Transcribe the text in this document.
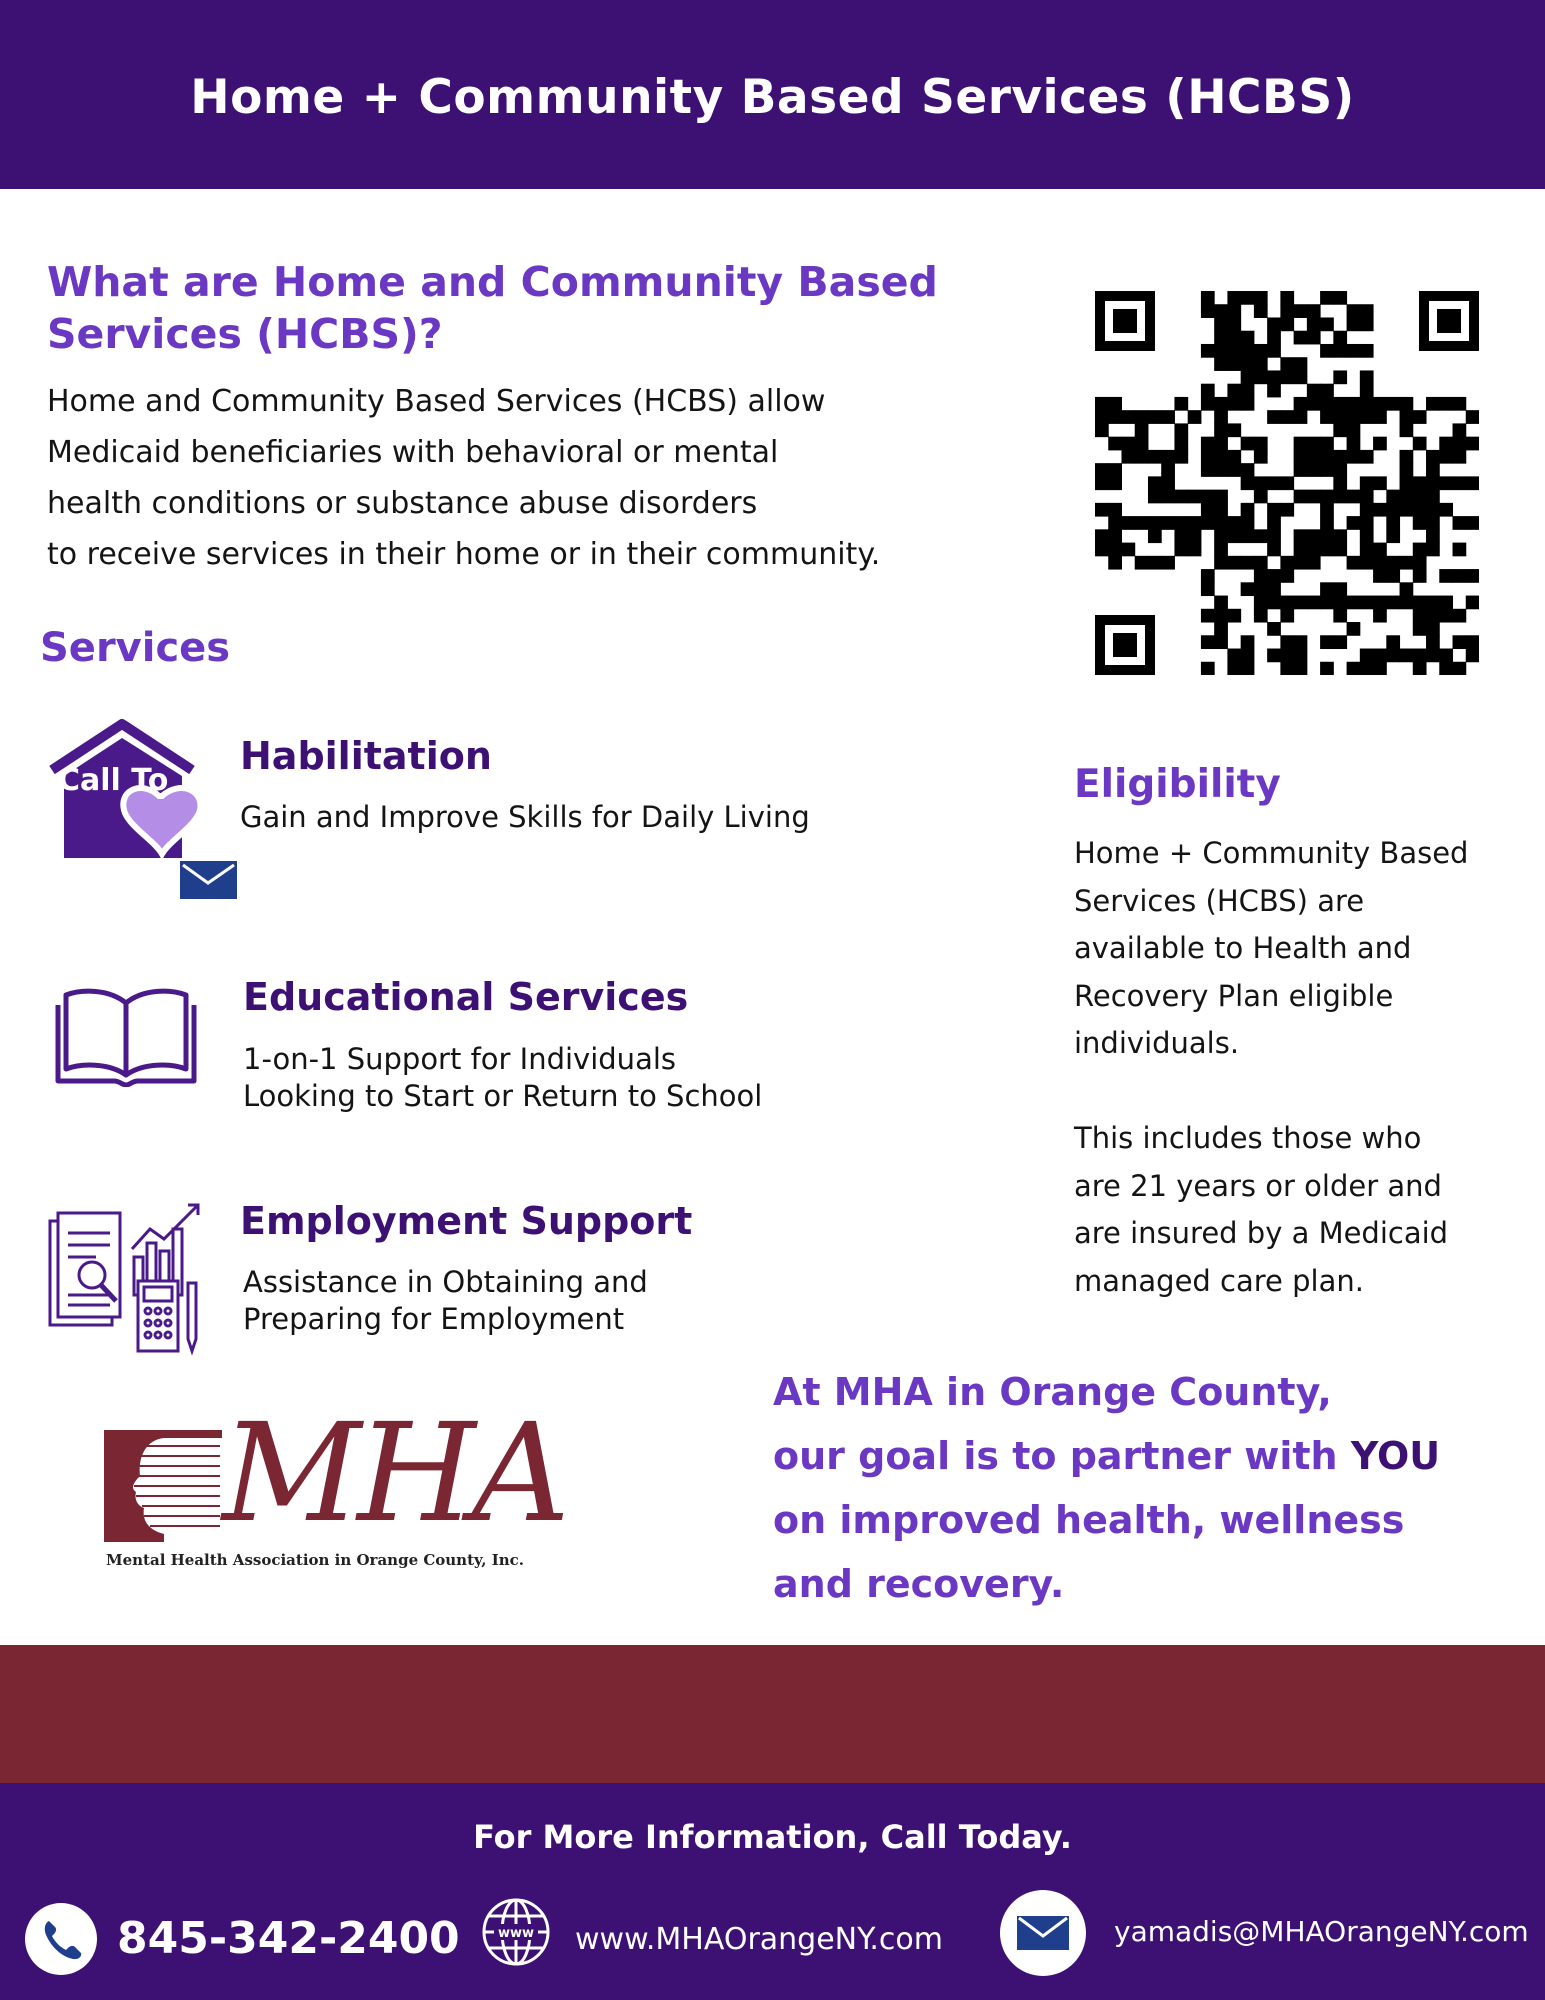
Home + Community Based Services (HCBS)
What are Home and Community Based
Services (HCBS)?
Home and Community Based Services (HCBS) allow
Medicaid beneficiaries with behavioral or mental
health conditions or substance abuse disorders
to receive services in their home or in their community.
Services
Call To
Habilitation
Gain and Improve Skills for Daily Living
Educational Services
1-on-1 Support for Individuals
Looking to Start or Return to School
Employment Support
Assistance in Obtaining and
Preparing for Employment
Eligibility
Home + Community Based
Services (HCBS) are
available to Health and
Recovery Plan eligible
individuals.
This includes those who
are 21 years or older and
are insured by a Medicaid
managed care plan.
MHA
Mental Health Association in Orange County, Inc.
At MHA in Orange County,
our goal is to partner with YOU
on improved health, wellness
and recovery.
For More Information, Call Today.
845-342-2400	www www.MHAOrangeNY.com	yamadis@MHAOrangeNY.com
